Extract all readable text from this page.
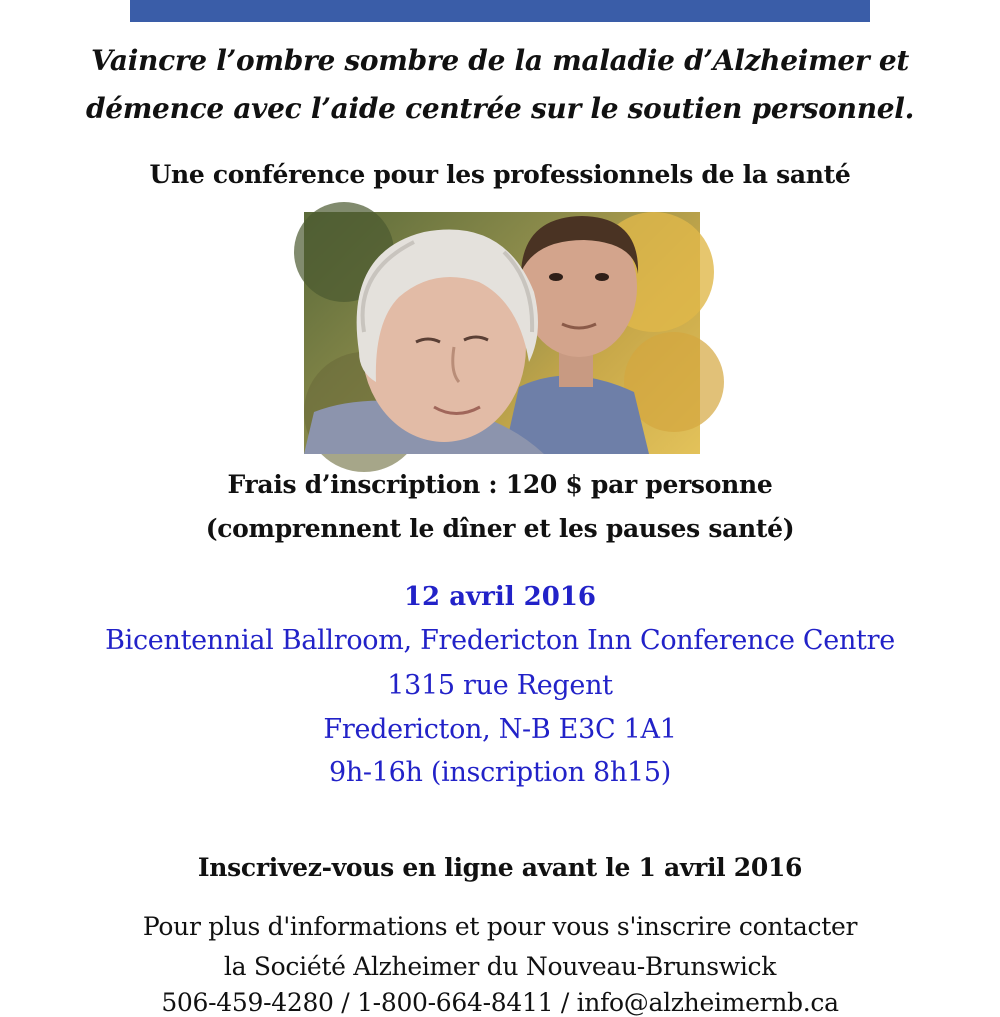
Vaincre l’ombre sombre de la maladie d’Alzheimer et
démence avec l’aide centrée sur le soutien personnel.
Une conférence pour les professionnels de la santé
Frais d’inscription : 120 $ par personne
(comprennent le dîner et les pauses santé)
12 avril 2016
Bicentennial Ballroom, Fredericton Inn Conference Centre
1315 rue Regent
Fredericton, N-B E3C 1A1
9h-16h (inscription 8h15)
Inscrivez-vous en ligne avant le 1 avril 2016
Pour plus d'informations et pour vous s'inscrire contacter
la Société Alzheimer du Nouveau-Brunswick
506-459-4280 / 1-800-664-8411 / info@alzheimernb.ca
